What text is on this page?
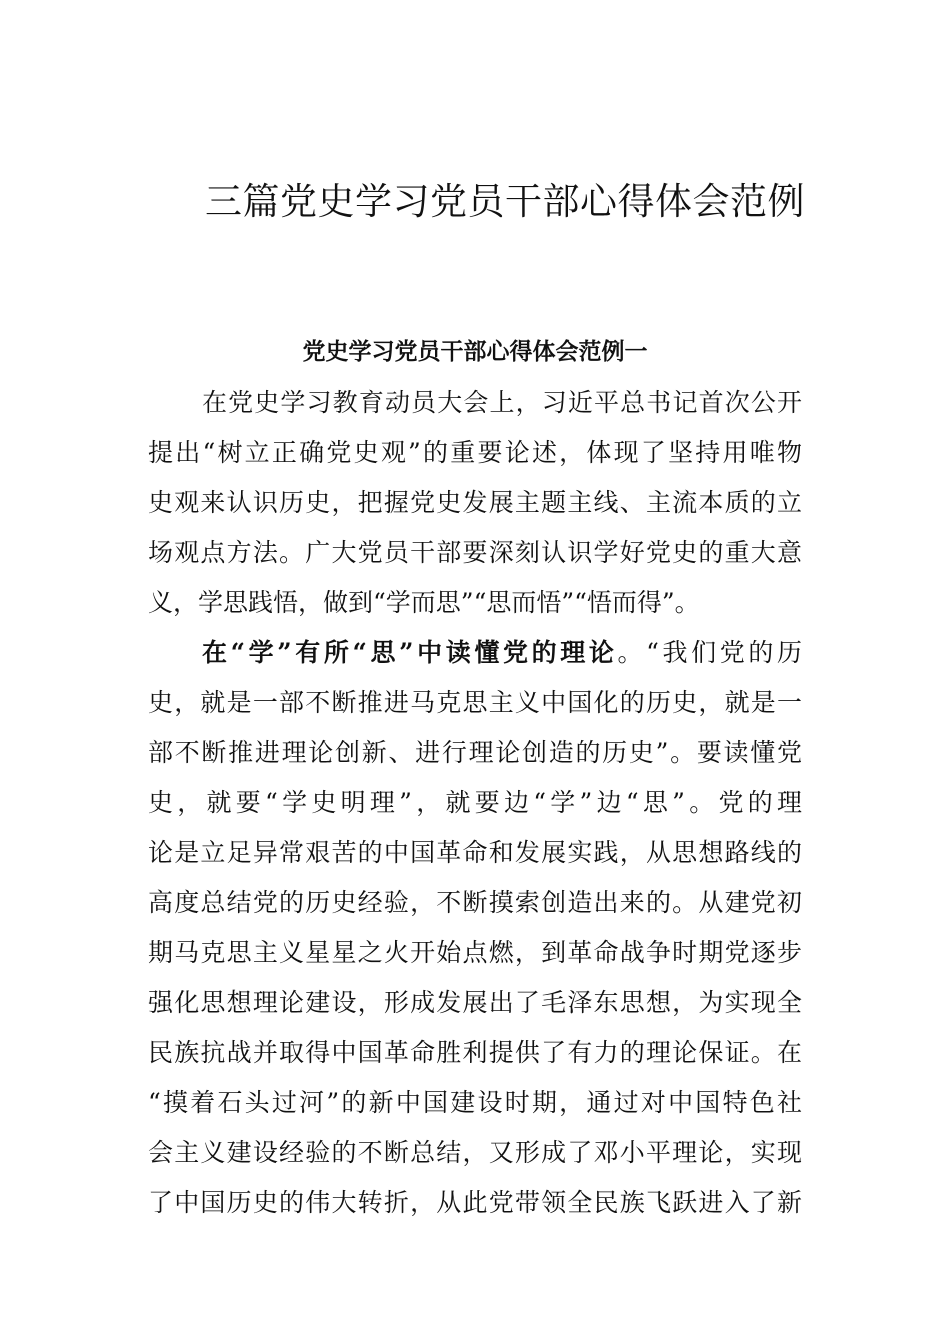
三篇党史学习党员干部心得体会范例
党史学习党员干部心得体会范例一
在党史学习教育动员大会上，习近平总书记首次公开
提出“树立正确党史观”的重要论述，体现了坚持用唯物
史观来认识历史，把握党史发展主题主线、主流本质的立
场观点方法。广大党员干部要深刻认识学好党史的重大意
义，学思践悟，做到“学而思”“思而悟”“悟而得”。
在“学”有所“思”中读懂党的理论。“我们党的历
史，就是一部不断推进马克思主义中国化的历史，就是一
部不断推进理论创新、进行理论创造的历史”。要读懂党
史，就要“学史明理”，就要边“学”边“思”。党的理
论是立足异常艰苦的中国革命和发展实践，从思想路线的
高度总结党的历史经验，不断摸索创造出来的。从建党初
期马克思主义星星之火开始点燃，到革命战争时期党逐步
强化思想理论建设，形成发展出了毛泽东思想，为实现全
民族抗战并取得中国革命胜利提供了有力的理论保证。在
“摸着石头过河”的新中国建设时期，通过对中国特色社
会主义建设经验的不断总结，又形成了邓小平理论，实现
了中国历史的伟大转折，从此党带领全民族飞跃进入了新
